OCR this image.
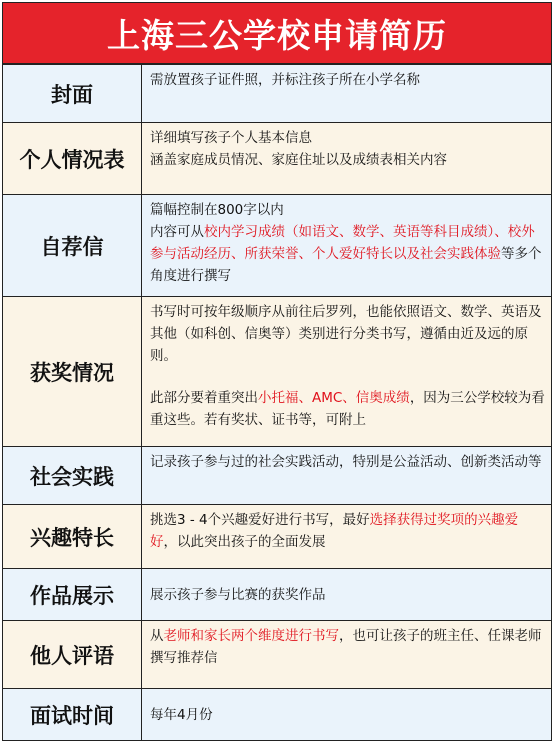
上海三公学校申请简历
封面	需放置孩子证件照，并标注孩子所在小学名称

个人情况表	详细填写孩子个人基本信息
涵盖家庭成员情况、家庭住址以及成绩表相关内容

自荐信	篇幅控制在800字以内
内容可从校内学习成绩（如语文、数学、英语等科目成绩）、校外参与活动经历、所获荣誉、个人爱好特长以及社会实践体验等多个角度进行撰写

获奖情况	书写时可按年级顺序从前往后罗列，也能依照语文、数学、英语及其他（如科创、信奥等）类别进行分类书写，遵循由近及远的原则。
此部分要着重突出小托福、AMC、信奥成绩，因为三公学校较为看重这些。若有奖状、证书等，可附上

社会实践	记录孩子参与过的社会实践活动，特别是公益活动、创新类活动等

兴趣特长	挑选3 - 4个兴趣爱好进行书写，最好选择获得过奖项的兴趣爱好，以此突出孩子的全面发展

作品展示	展示孩子参与比赛的获奖作品

他人评语	从老师和家长两个维度进行书写，也可让孩子的班主任、任课老师撰写推荐信

面试时间	每年4月份
